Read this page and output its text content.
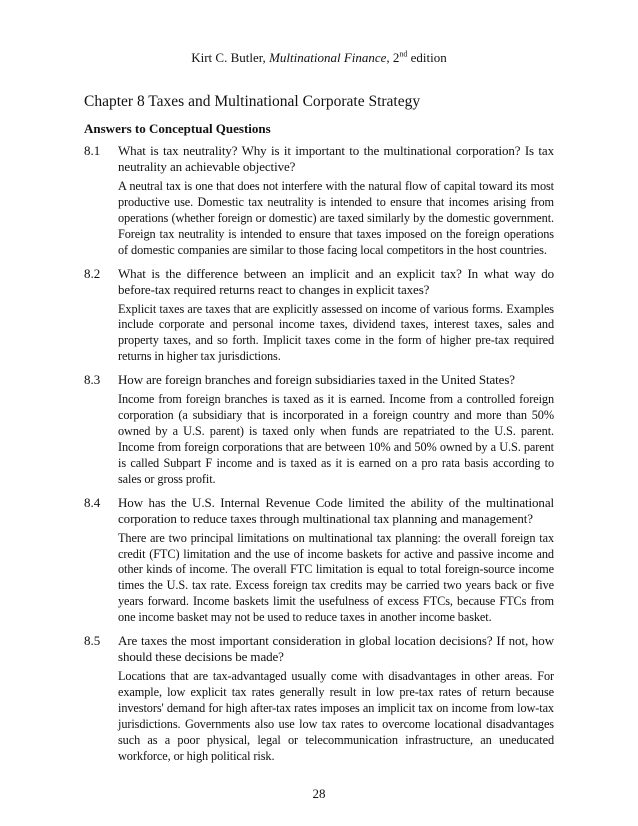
Kirt C. Butler, Multinational Finance, 2nd edition
Chapter 8 Taxes and Multinational Corporate Strategy
Answers to Conceptual Questions
8.1	What is tax neutrality? Why is it important to the multinational corporation? Is tax neutrality an achievable objective?
A neutral tax is one that does not interfere with the natural flow of capital toward its most productive use. Domestic tax neutrality is intended to ensure that incomes arising from operations (whether foreign or domestic) are taxed similarly by the domestic government. Foreign tax neutrality is intended to ensure that taxes imposed on the foreign operations of domestic companies are similar to those facing local competitors in the host countries.
8.2	What is the difference between an implicit and an explicit tax? In what way do before-tax required returns react to changes in explicit taxes?
Explicit taxes are taxes that are explicitly assessed on income of various forms. Examples include corporate and personal income taxes, dividend taxes, interest taxes, sales and property taxes, and so forth. Implicit taxes come in the form of higher pre-tax required returns in higher tax jurisdictions.
8.3	How are foreign branches and foreign subsidiaries taxed in the United States?
Income from foreign branches is taxed as it is earned. Income from a controlled foreign corporation (a subsidiary that is incorporated in a foreign country and more than 50% owned by a U.S. parent) is taxed only when funds are repatriated to the U.S. parent. Income from foreign corporations that are between 10% and 50% owned by a U.S. parent is called Subpart F income and is taxed as it is earned on a pro rata basis according to sales or gross profit.
8.4	How has the U.S. Internal Revenue Code limited the ability of the multinational corporation to reduce taxes through multinational tax planning and management?
There are two principal limitations on multinational tax planning: the overall foreign tax credit (FTC) limitation and the use of income baskets for active and passive income and other kinds of income. The overall FTC limitation is equal to total foreign-source income times the U.S. tax rate. Excess foreign tax credits may be carried two years back or five years forward. Income baskets limit the usefulness of excess FTCs, because FTCs from one income basket may not be used to reduce taxes in another income basket.
8.5	Are taxes the most important consideration in global location decisions? If not, how should these decisions be made?
Locations that are tax-advantaged usually come with disadvantages in other areas. For example, low explicit tax rates generally result in low pre-tax rates of return because investors' demand for high after-tax rates imposes an implicit tax on income from low-tax jurisdictions. Governments also use low tax rates to overcome locational disadvantages such as a poor physical, legal or telecommunication infrastructure, an uneducated workforce, or high political risk.
28
